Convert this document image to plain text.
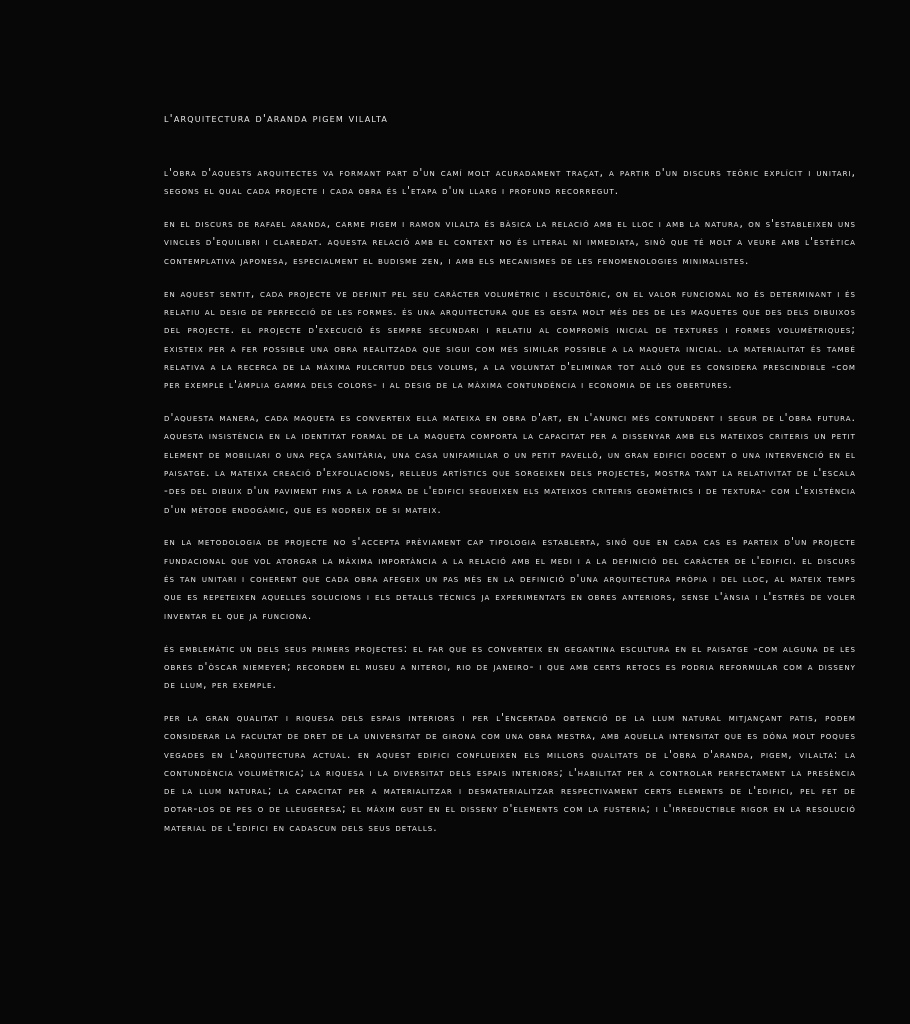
l'arquitectura d'aranda pigem vilalta

l'obra d'aquests arquitectes va formant part d'un camí molt acuradament traçat, a partir d'un discurs teòric explícit i unitari, segons el qual cada projecte i cada obra és l'etapa d'un llarg i profund recorregut.

en el discurs de rafael aranda, carme pigem i ramon vilalta és bàsica la relació amb el lloc i amb la natura, on s'estableixen uns vincles d'equilibri i claredat. aquesta relació amb el context no és literal ni immediata, sinó que té molt a veure amb l'estètica contemplativa japonesa, especialment el budisme zen, i amb els mecanismes de les fenomenologies minimalistes.

en aquest sentit, cada projecte ve definit pel seu caràcter volumètric i escultòric, on el valor funcional no és determinant i és relatiu al desig de perfecció de les formes. és una arquitectura que es gesta molt més des de les maquetes que des dels dibuixos del projecte. el projecte d'execució és sempre secundari i relatiu al compromís inicial de textures i formes volumètriques; existeix per a fer possible una obra realitzada que sigui com més similar possible a la maqueta inicial. la materialitat és també relativa a la recerca de la màxima pulcritud dels volums, a la voluntat d'eliminar tot allò que es considera prescindible -com per exemple l'àmplia gamma dels colors- i al desig de la màxima contundència i economia de les obertures.

d'aquesta manera, cada maqueta es converteix ella mateixa en obra d'art, en l'anunci més contundent i segur de l'obra futura. aquesta insistència en la identitat formal de la maqueta comporta la capacitat per a dissenyar amb els mateixos criteris un petit element de mobiliari o una peça sanitària, una casa unifamiliar o un petit pavelló, un gran edifici docent o una intervenció en el paisatge. la mateixa creació d'exfoliacions, relleus artístics que sorgeixen dels projectes, mostra tant la relativitat de l'escala -des del dibuix d'un paviment fins a la forma de l'edifici segueixen els mateixos criteris geomètrics i de textura- com l'existència d'un mètode endogàmic, que es nodreix de si mateix.

en la metodologia de projecte no s'accepta prèviament cap tipologia establerta, sinó que en cada cas es parteix d'un projecte fundacional que vol atorgar la màxima importància a la relació amb el medi i a la definició del caràcter de l'edifici. el discurs és tan unitari i coherent que cada obra afegeix un pas més en la definició d'una arquitectura pròpia i del lloc, al mateix temps que es repeteixen aquelles solucions i els detalls tècnics ja experimentats en obres anteriors, sense l'ànsia i l'estrès de voler inventar el que ja funciona.

és emblemàtic un dels seus primers projectes: el far que es converteix en gegantina escultura en el paisatge -com alguna de les obres d'òscar niemeyer; recordem el museu a niteroi, rio de janeiro- i que amb certs retocs es podria reformular com a disseny de llum, per exemple.

per la gran qualitat i riquesa dels espais interiors i per l'encertada obtenció de la llum natural mitjançant patis, podem considerar la facultat de dret de la universitat de girona com una obra mestra, amb aquella intensitat que es dóna molt poques vegades en l'arquitectura actual. en aquest edifici conflueixen els millors qualitats de l'obra d'aranda, pigem, vilalta: la contundència volumètrica; la riquesa i la diversitat dels espais interiors; l'habilitat per a controlar perfectament la presència de la llum natural; la capacitat per a materialitzar i desmaterialitzar respectivament certs elements de l'edifici, pel fet de dotar-los de pes o de lleugeresa; el màxim gust en el disseny d'elements com la fusteria; i l'irreductible rigor en la resolució material de l'edifici en cadascun dels seus detalls.
